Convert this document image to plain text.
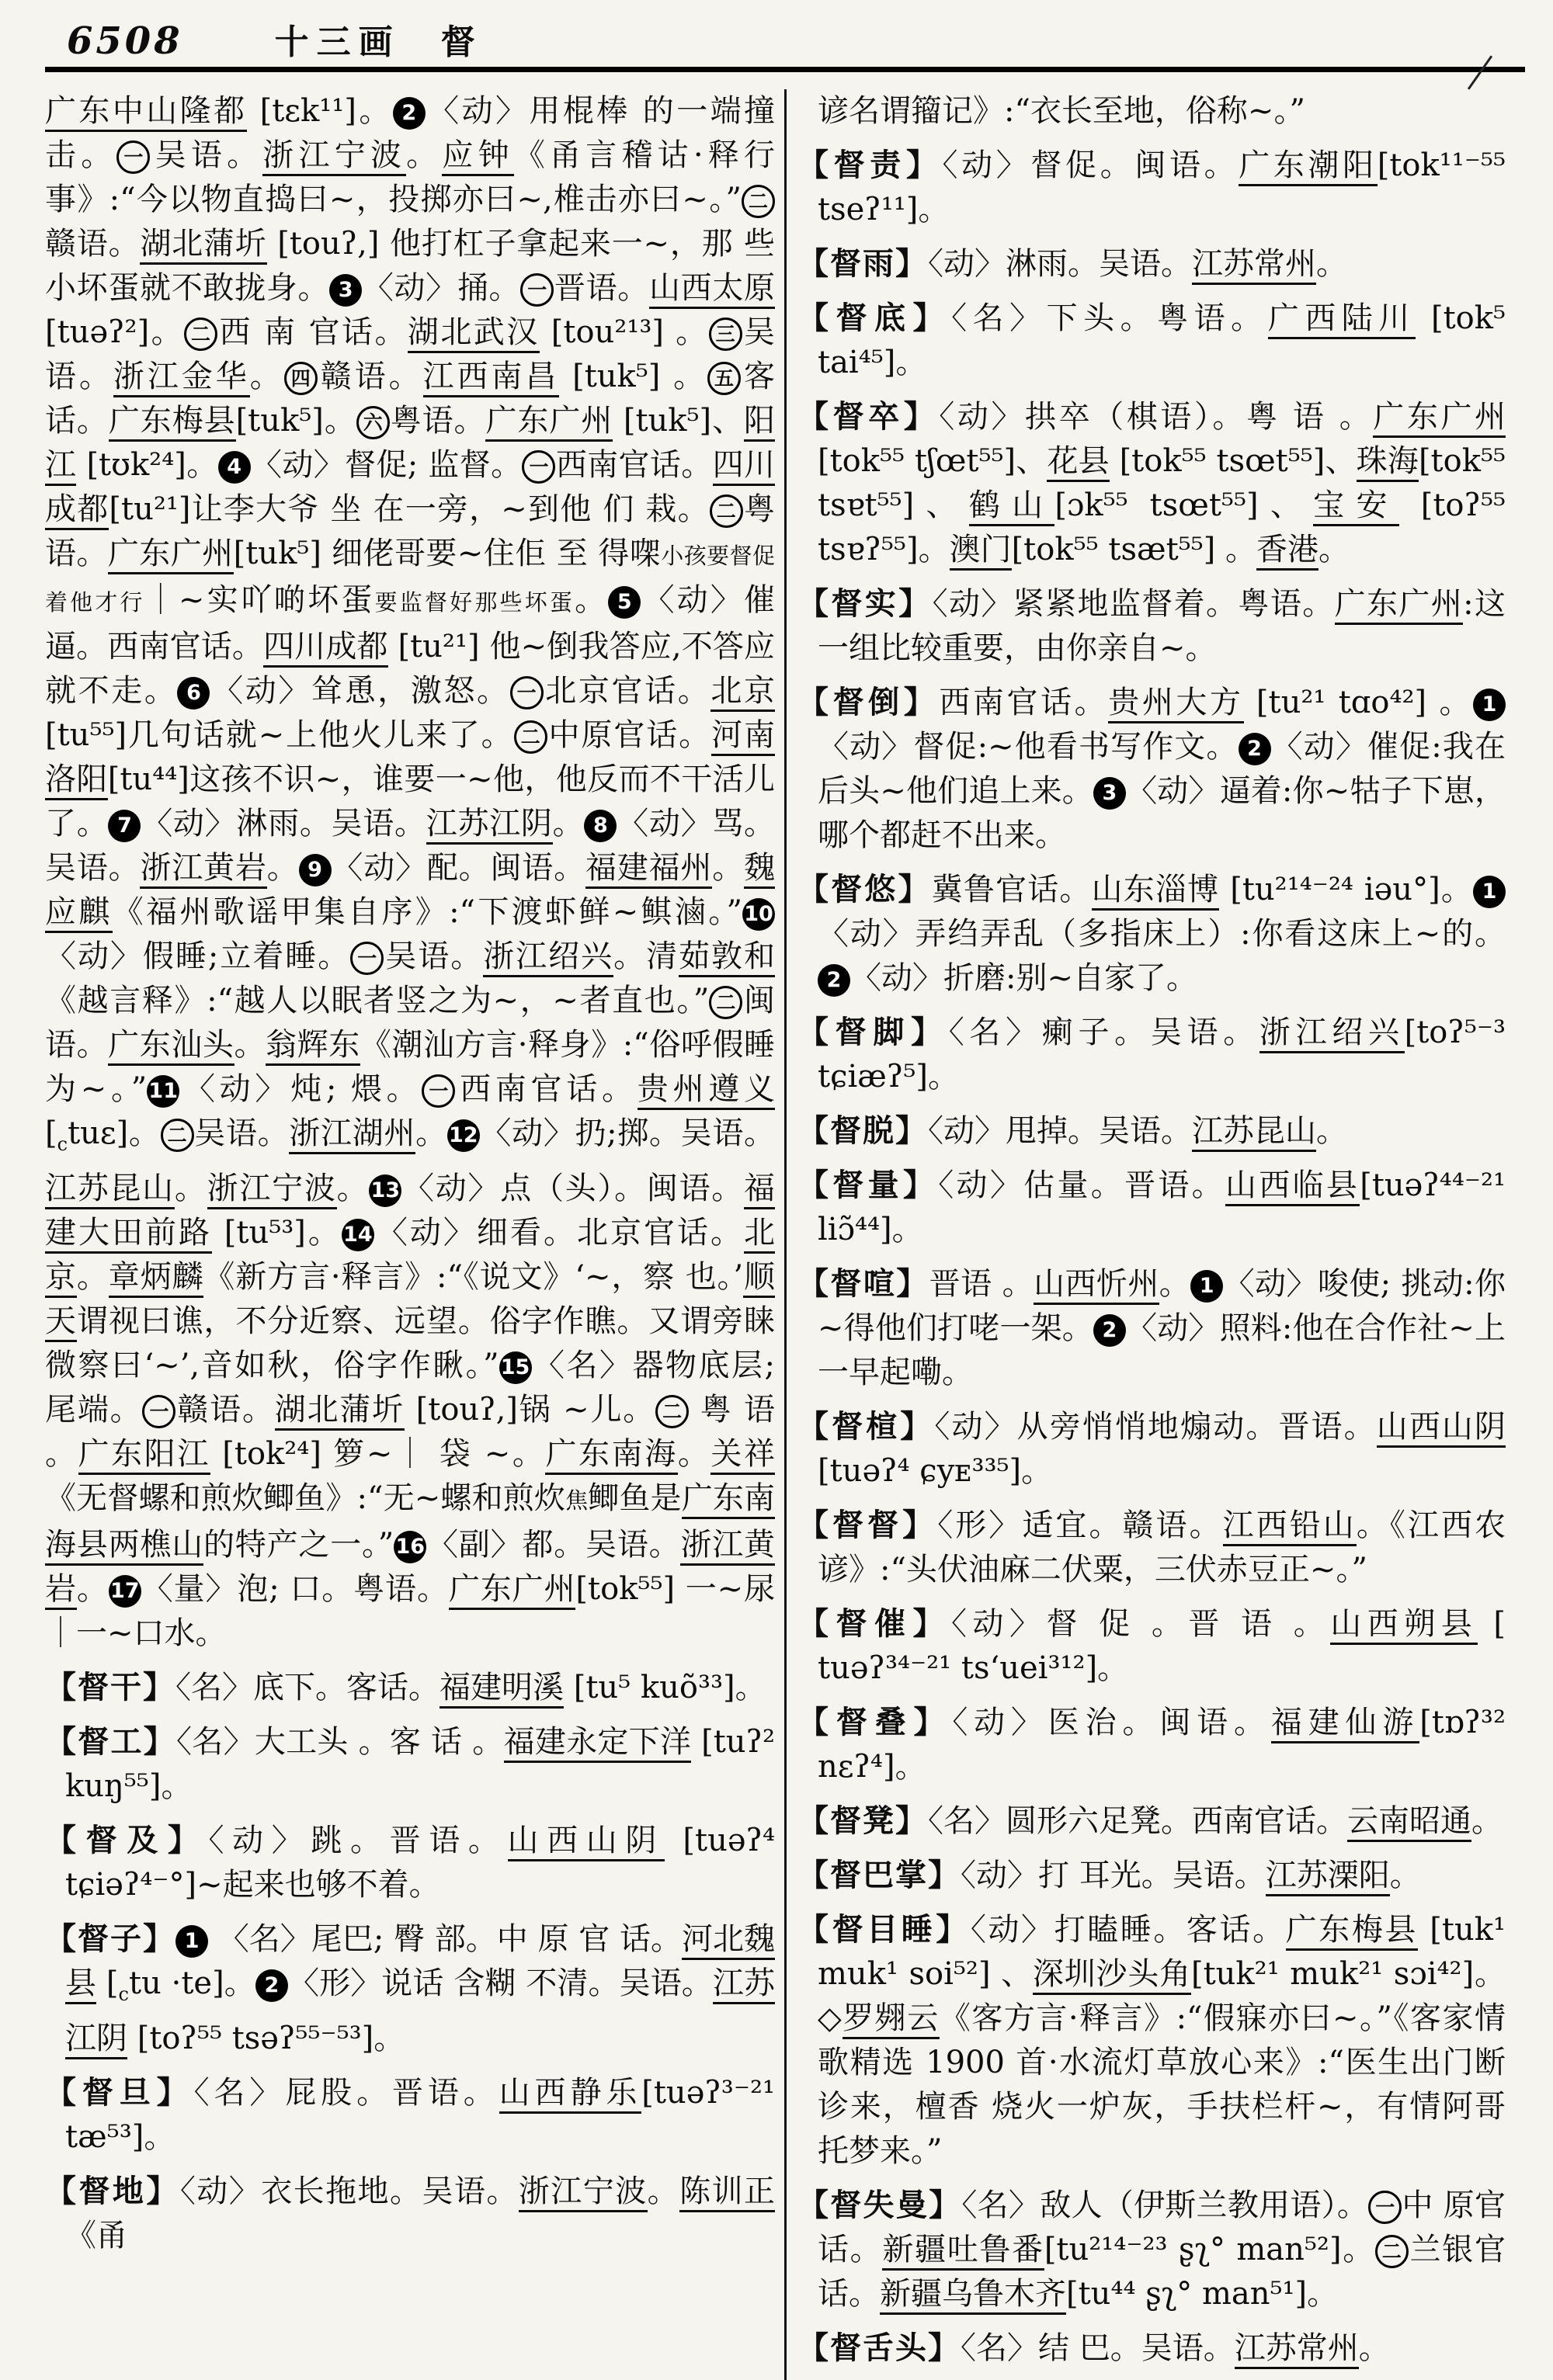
6508	十三画 督

广东中山隆都 [tɛk¹¹]。 2 〈动〉用棍棒 的一端撞击。 一 吴语。浙江宁波。应钟《甬言稽诂·释行事》:“今以物直捣曰~，投掷亦曰~,椎击亦曰~。” 二赣语。湖北蒲圻 [touʔ,] 他打杠子拿起来一~，那 些小坏蛋就不敢拢身。 3 〈动〉捅。 一 晋语。山西太原 [tuəʔ²]。 二 西 南 官话。湖北武汉 [tou²¹³] 。 三 吴语。浙江金华。 四 赣语。江西南昌 [tuk⁵] 。 五 客话。广东梅县[tuk⁵]。 六 粤语。广东广州 [tuk⁵]、阳江 [tʊk²⁴]。 4 〈动〉督促; 监督。 一 西南官话。四川成都[tu²¹]让李大爷 坐 在一旁，~到他 们 栽。 二 粤语。广东广州[tuk⁵] 细佬哥要~住佢 至 得㗎小孩要督促着他才行｜~实吖啲坏蛋要监督好那些坏蛋。 5 〈动〉催逼。西南官话。四川成都 [tu²¹] 他~倒我答应,不答应就不走。 6 〈动〉耸恿，激怒。 一 北京官话。北京[tu⁵⁵]几句话就~上他火儿来了。 二 中原官话。河南洛阳[tu⁴⁴]这孩不识~，谁要一~他，他反而不干活儿了。 7 〈动〉淋雨。吴语。江苏江阴。 8 〈动〉骂。吴语。浙江黄岩。 9 〈动〉配。闽语。福建福州。魏应麒《福州歌谣甲集自序》:“下渡虾鲜~鲯滷。”10〈动〉假睡;立着睡。 一 吴语。浙江绍兴。清茹敦和《越言释》:“越人以眠者竖之为~，~者直也。” 二 闽语。广东汕头。翁辉东《潮汕方言·释身》:“俗呼假睡为~。”11〈动〉炖; 煨。 一 西南官话。贵州遵义$[_ctuɛ]$。 二 吴语。浙江湖州。12〈动〉扔;掷。吴语。江苏昆山。浙江宁波。13〈动〉点（头）。闽语。福建大田前路 [tu⁵³]。14〈动〉细看。北京官话。北京。章炳麟《新方言·释言》:“《说文》‘~，察 也。’顺天谓视曰谯，不分近察、远望。俗字作瞧。又谓旁睐微察曰‘~’,音如秋，俗字作瞅。”15〈名〉器物底层; 尾端。 一 赣语。湖北蒲圻 [touʔ,]锅 ~儿。 二 粤 语 。广东阳江 [tok²⁴] 箩~｜ 袋 ~。广东南海。关祥《无督螺和煎炊鲫鱼》:“无~螺和煎炊焦鲫鱼是广东南海县两樵山的特产之一。”16〈副〉都。吴语。浙江黄岩。17〈量〉泡; 口。粤语。广东广州[tok⁵⁵] 一~尿｜一~口水。

【督干】〈名〉底下。客话。福建明溪 [tu⁵ kuõ³³]。

【督工】〈名〉大工头 。客 话 。福建永定下洋 [tuʔ² kuŋ⁵⁵]。

【督及】〈动〉跳。晋语。山西山阴 [tuəʔ⁴ tɕiəʔ⁴⁻°]~起来也够不着。

【督子】 1 〈名〉尾巴; 臀 部。中 原 官 话。河北魏县 $[_ctu \cdot te]$。 2 〈形〉说话 含糊 不清。吴语。江苏江阴 [toʔ⁵⁵ tsəʔ⁵⁵⁻⁵³]。

【督旦】〈名〉屁股。晋语。山西静乐[tuəʔ³⁻²¹ tæ⁵³]。

【督地】〈动〉衣长拖地。吴语。浙江宁波。陈训正 《甬

谚名谓籀记》:“衣长至地，俗称~。”

【督责】〈动〉督促。闽语。广东潮阳[tok¹¹⁻⁵⁵ tseʔ¹¹]。

【督雨】〈动〉淋雨。吴语。江苏常州。

【督底】〈名〉下头。粤语。广西陆川 [tok⁵ tai⁴⁵]。

【督卒】〈动〉拱卒（棋语）。粤 语 。广东广州 [tok⁵⁵ tʃœt⁵⁵]、花县 [tok⁵⁵ tsœt⁵⁵]、珠海[tok⁵⁵ tsɐt⁵⁵]、鹤山[ɔk⁵⁵ tsœt⁵⁵]、宝安 [toʔ⁵⁵ tsɐʔ⁵⁵]。澳门[tok⁵⁵ tsæt⁵⁵] 。香港。

【督实】〈动〉紧紧地监督着。粤语。广东广州:这一组比较重要，由你亲自~。

【督倒】西南官话。贵州大方 [tu²¹ tɑo⁴²] 。 1〈动〉督促:~他看书写作文。 2 〈动〉催促:我在后头~他们追上来。 3 〈动〉逼着:你~牯子下崽，哪个都赶不出来。

【督悠】冀鲁官话。山东淄博 [tu²¹⁴⁻²⁴ iəu°]。 1〈动〉弄绉弄乱（多指床上）:你看这床上~的。2 〈动〉折磨:别~自家了。

【督脚】〈名〉瘌子。吴语。浙江绍兴[toʔ⁵⁻³ tɕiæʔ⁵]。

【督脱】〈动〉甩掉。吴语。江苏昆山。

【督量】〈动〉估量。晋语。山西临县[tuəʔ⁴⁴⁻²¹ liɔ̃⁴⁴]。

【督喧】晋语 。山西忻州。 1 〈动〉唆使; 挑动:你~得他们打咾一架。 2 〈动〉照料:他在合作社~上一早起嘞。

【督楦】〈动〉从旁悄悄地煽动。晋语。山西山阴 [tuəʔ⁴ ɕyᴇ³³⁵]。

【督督】〈形〉适宜。赣语。江西铅山。《江西农谚》:“头伏油麻二伏粟，三伏赤豆正~。”

【督催】〈动〉督 促 。晋 语 。山西朔县 [ tuəʔ³⁴⁻²¹ ts‘uei³¹²]。

【督叠】〈动〉医治。闽语。福建仙游[tɒʔ³² nɛʔ⁴]。

【督凳】〈名〉圆形六足凳。西南官话。云南昭通。

【督巴掌】〈动〉打 耳光。吴语。江苏溧阳。

【督目睡】〈动〉打瞌睡。客话。广东梅县 [tuk¹ muk¹ soi⁵²] 、深圳沙头角[tuk²¹ muk²¹ sɔi⁴²]。◇罗翙云《客方言·释言》:“假寐亦曰~。”《客家情歌精选 1900 首·水流灯草放心来》:“医生出门断诊来，檀香 烧火一炉灰，手扶栏杆~，有情阿哥托梦来。”

【督失曼】〈名〉敌人（伊斯兰教用语）。 一 中 原官话。新疆吐鲁番[tu²¹⁴⁻²³ ʂʅ° man⁵²]。 二 兰银官话。新疆乌鲁木齐[tu⁴⁴ ʂʅ° man⁵¹]。

【督舌头】〈名〉结 巴。吴语。江苏常州。
